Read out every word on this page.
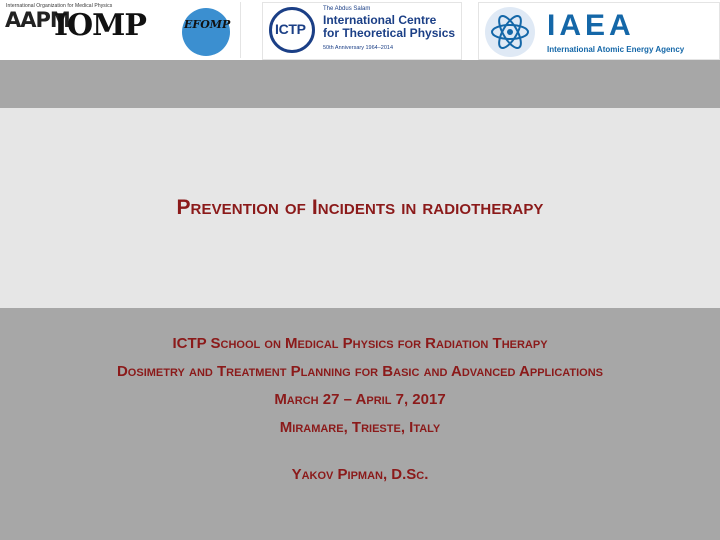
International Organization for Medical Physics
AAPM
IOMP	EFOMP	ICTP
The Abdus Salam
International Centre
for Theoretical Physics
50th Anniversary 1964–2014
IAEA
International Atomic Energy Agency
Prevention of Incidents in radiotherapy
ICTP School on Medical Physics for Radiation Therapy
Dosimetry and Treatment Planning for Basic and Advanced Applications
March 27 – April 7, 2017
Miramare, Trieste, Italy
Yakov Pipman, D.Sc.
